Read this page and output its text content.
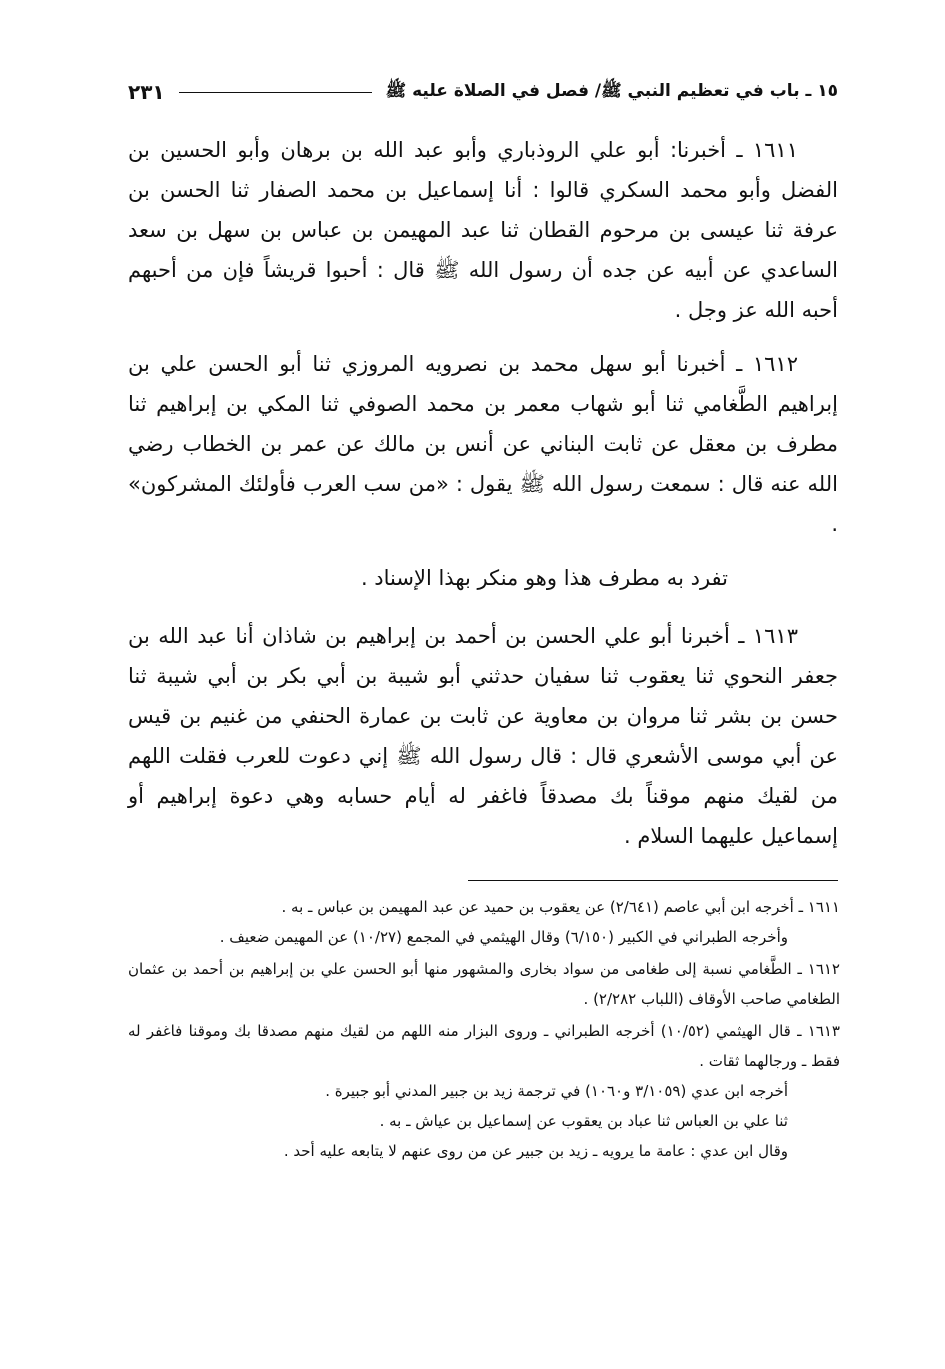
١٥ ـ باب في تعظيم النبي ﷺ/ فصل في الصلاة عليه ﷺ
٢٣١

١٦١١ ـ أخبرنا: أبو علي الروذباري وأبو عبد الله بن برهان وأبو الحسين بن الفضل وأبو محمد السكري قالوا : أنا إسماعيل بن محمد الصفار ثنا الحسن بن عرفة ثنا عيسى بن مرحوم القطان ثنا عبد المهيمن بن عباس بن سهل بن سعد الساعدي عن أبيه عن جده أن رسول الله ﷺ قال : أحبوا قريشاً فإن من أحبهم أحبه الله عز وجل .

١٦١٢ ـ أخبرنا أبو سهل محمد بن نصرويه المروزي ثنا أبو الحسن علي بن إبراهيم الطَّغامي ثنا أبو شهاب معمر بن محمد الصوفي ثنا المكي بن إبراهيم ثنا مطرف بن معقل عن ثابت البناني عن أنس بن مالك عن عمر بن الخطاب رضي الله عنه قال : سمعت رسول الله ﷺ يقول : «من سب العرب فأولئك المشركون» .

تفرد به مطرف هذا وهو منكر بهذا الإسناد .

١٦١٣ ـ أخبرنا أبو علي الحسن بن أحمد بن إبراهيم بن شاذان أنا عبد الله بن جعفر النحوي ثنا يعقوب ثنا سفيان حدثني أبو شيبة بن أبي بكر بن أبي شيبة ثنا حسن بن بشر ثنا مروان بن معاوية عن ثابت بن عمارة الحنفي من غنيم بن قيس عن أبي موسى الأشعري قال : قال رسول الله ﷺ إني دعوت للعرب فقلت اللهم من لقيك منهم موقناً بك مصدقاً فاغفر له أيام حسابه وهي دعوة إبراهيم أو إسماعيل عليهما السلام .

١٦١١ ـ أخرجه ابن أبي عاصم (٢/٦٤١) عن يعقوب بن حميد عن عبد المهيمن بن عباس ـ به .
وأخرجه الطبراني في الكبير (٦/١٥٠) وقال الهيثمي في المجمع (١٠/٢٧) عن المهيمن ضعيف .
١٦١٢ ـ الطَّغامي نسبة إلى طغامى من سواد بخارى والمشهور منها أبو الحسن علي بن إبراهيم بن أحمد بن عثمان الطغامي صاحب الأوقاف (اللباب ٢/٢٨٢) .
١٦١٣ ـ قال الهيثمي (١٠/٥٢) أخرجه الطبراني ـ وروى البزار منه اللهم من لقيك منهم مصدقا بك وموقنا فاغفر له فقط ـ ورجالهما ثقات .
أخرجه ابن عدي (٣/١٠٥٩ و١٠٦٠) في ترجمة زيد بن جبير المدني أبو جبيرة .
ثنا علي بن العباس ثنا عباد بن يعقوب عن إسماعيل بن عياش ـ به .
وقال ابن عدي : عامة ما يرويه ـ زيد بن جبير عن من روى عنهم لا يتابعه عليه أحد .
